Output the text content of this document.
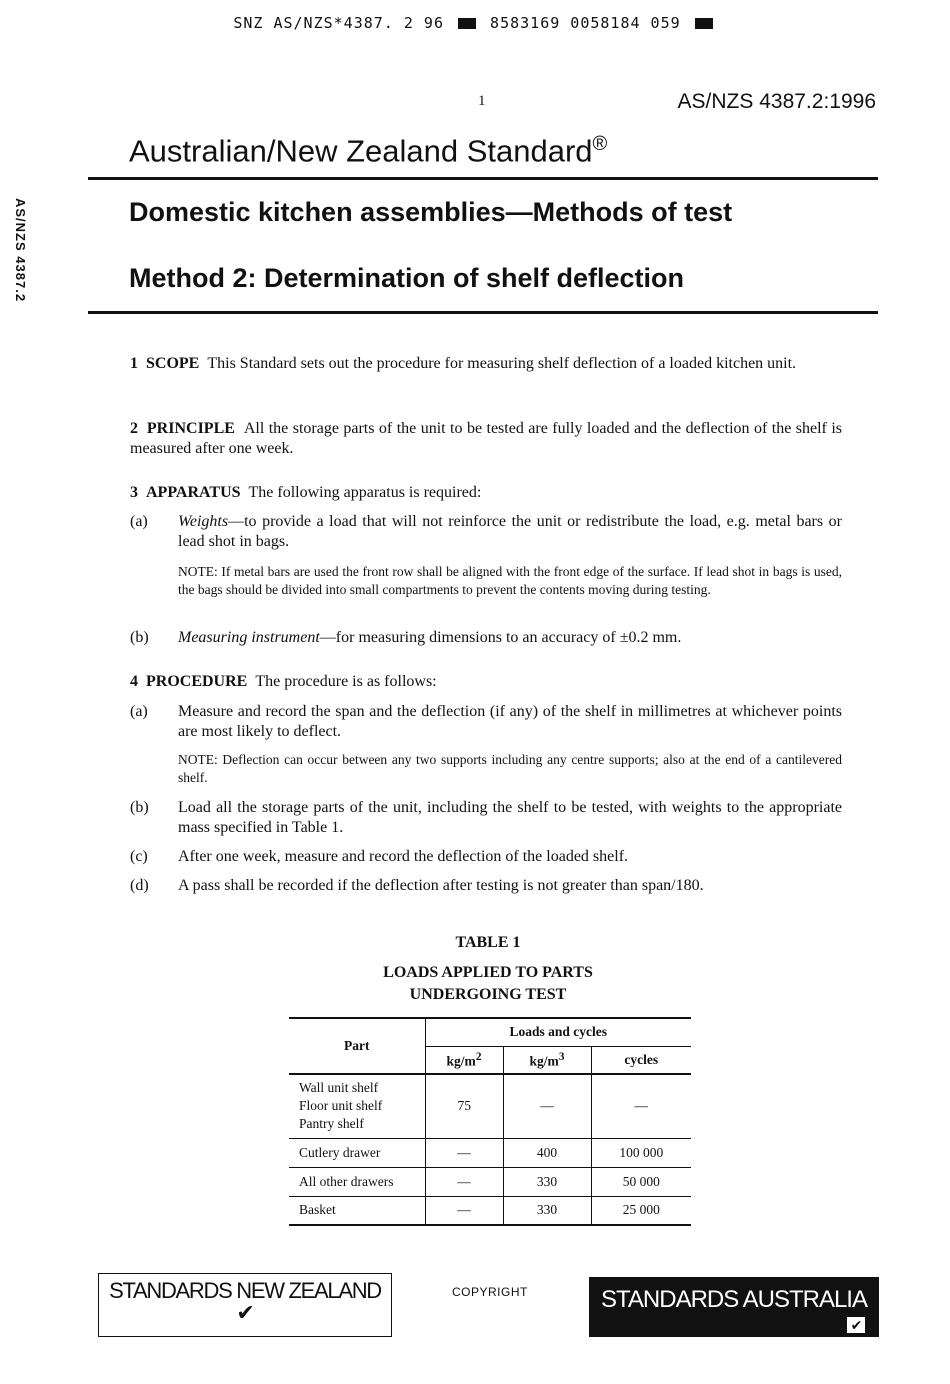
SNZ AS/NZS*4387. 2 96	8583169 0058184 059
1	AS/NZS 4387.2:1996
Australian/New Zealand Standard®
Domestic kitchen assemblies—Methods of test
Method 2: Determination of shelf deflection
AS/NZS 4387.2

1 SCOPE This Standard sets out the procedure for measuring shelf deflection of a loaded kitchen unit.

2 PRINCIPLE All the storage parts of the unit to be tested are fully loaded and the deflection of the shelf is measured after one week.

3 APPARATUS The following apparatus is required:

(a) Weights—to provide a load that will not reinforce the unit or redistribute the load, e.g. metal bars or lead shot in bags.
NOTE: If metal bars are used the front row shall be aligned with the front edge of the surface. If lead shot in bags is used, the bags should be divided into small compartments to prevent the contents moving during testing.
(b) Measuring instrument—for measuring dimensions to an accuracy of ±0.2 mm.

4 PROCEDURE The procedure is as follows:

(a) Measure and record the span and the deflection (if any) of the shelf in millimetres at whichever points are most likely to deflect.
NOTE: Deflection can occur between any two supports including any centre supports; also at the end of a cantilevered shelf.
(b) Load all the storage parts of the unit, including the shelf to be tested, with weights to the appropriate mass specified in Table 1.
(c) After one week, measure and record the deflection of the loaded shelf.
(d) A pass shall be recorded if the deflection after testing is not greater than span/180.
TABLE 1
LOADS APPLIED TO PARTS
UNDERGOING TEST
Part	Loads and cycles		
	$kg/m^2$	$kg/m^3$	cycles

Wall unit shelf
Floor unit shelf
Pantry shelf	75	—	—
Cutlery drawer	—	400	100 000
All other drawers	—	330	50 000
Basket	—	330	25 000
STANDARDS NEW ZEALAND
✔
COPYRIGHT	STANDARDS AUSTRALIA
✔
